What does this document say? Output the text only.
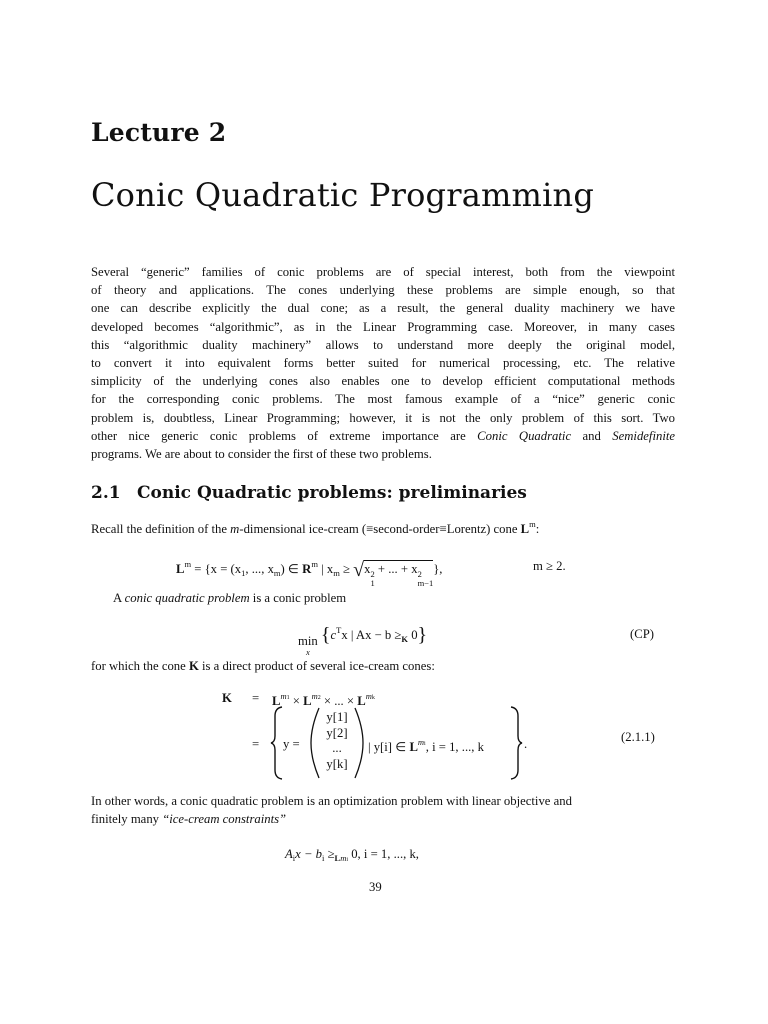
Lecture 2
Conic Quadratic Programming
Several “generic” families of conic problems are of special interest, both from the viewpoint
of theory and applications. The cones underlying these problems are simple enough, so that
one can describe explicitly the dual cone; as a result, the general duality machinery we have
developed becomes “algorithmic”, as in the Linear Programming case. Moreover, in many cases
this “algorithmic duality machinery” allows to understand more deeply the original model,
to convert it into equivalent forms better suited for numerical processing, etc. The relative
simplicity of the underlying cones also enables one to develop efficient computational methods
for the corresponding conic problems. The most famous example of a “nice” generic conic
problem is, doubtless, Linear Programming; however, it is not the only problem of this sort. Two
other nice generic conic problems of extreme importance are Conic Quadratic and Semidefinite
programs. We are about to consider the first of these two problems.
2.1 Conic Quadratic problems: preliminaries
Recall the definition of the m-dimensional ice-cream (≡second-order≡Lorentz) cone $L^m$:
$L^m = \{x = (x_1$, ..., $x_m$) ∈ $R^m$ | $x_m \ge √x$ 2
1
+ ... + x 2
m−1
},	m ≥ 2.
A conic quadratic problem is a conic problem
min
x
{$c^Tx$ | $Ax - b \ge_K$ 0}	(CP)
for which the cone K is a direct product of several ice-cream cones:
$K = L^{m1} \times L^{m2}$ × ... × $L^{mk}$
= y =
y[1]
y[2]
...
y[k]
| y[i] ∈ $L^{mi}$, i = 1, ..., k	.	(2.1.1)
In other words, a conic quadratic problem is an optimization problem with linear objective and
finitely many “ice-cream constraints”
$A_ix - b_i \ge_{Lmi}$ 0, i = 1, ..., k,
39
